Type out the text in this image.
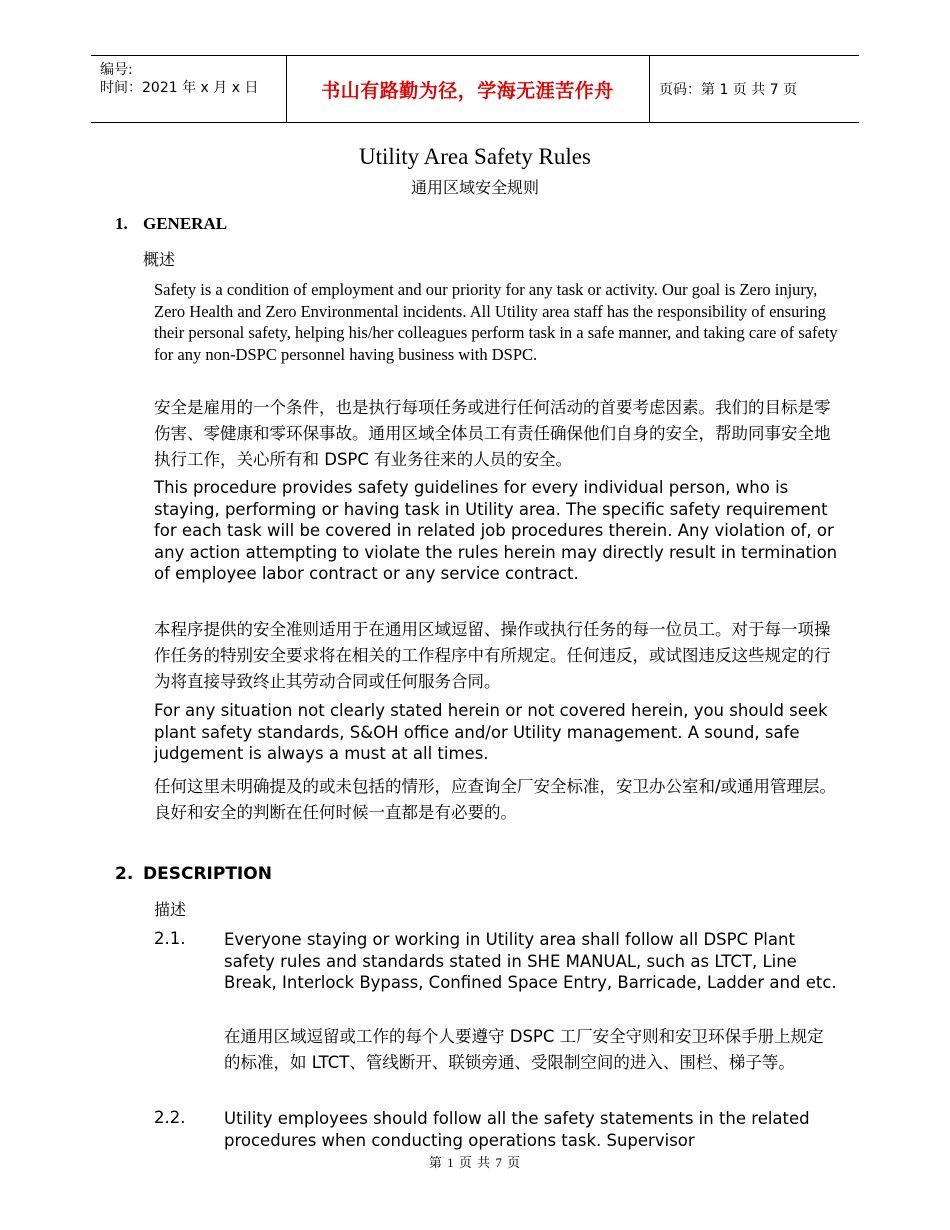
编号:
时间：2021 年 x 月 x 日	书山有路勤为径，学海无涯苦作舟	页码：第 1 页 共 7 页
Utility Area Safety Rules
通用区域安全规则
1. GENERAL
概述

Safety is a condition of employment and our priority for any task or activity. Our goal is Zero injury, Zero Health and Zero Environmental incidents. All Utility area staff has the responsibility of ensuring their personal safety, helping his/her colleagues perform task in a safe manner, and taking care of safety for any non-DSPC personnel having business with DSPC.

安全是雇用的一个条件，也是执行每项任务或进行任何活动的首要考虑因素。我们的目标是零伤害、零健康和零环保事故。通用区域全体员工有责任确保他们自身的安全，帮助同事安全地执行工作，关心所有和 DSPC 有业务往来的人员的安全。

This procedure provides safety guidelines for every individual person, who is staying, performing or having task in Utility area. The specific safety requirement for each task will be covered in related job procedures therein. Any violation of, or any action attempting to violate the rules herein may directly result in termination of employee labor contract or any service contract.

本程序提供的安全准则适用于在通用区域逗留、操作或执行任务的每一位员工。对于每一项操作任务的特别安全要求将在相关的工作程序中有所规定。任何违反，或试图违反这些规定的行为将直接导致终止其劳动合同或任何服务合同。

For any situation not clearly stated herein or not covered herein, you should seek plant safety standards, S&OH office and/or Utility management. A sound, safe judgement is always a must at all times.

任何这里未明确提及的或未包括的情形，应查询全厂安全标准，安卫办公室和/或通用管理层。良好和安全的判断在任何时候一直都是有必要的。

2. DESCRIPTION
描述
2.1. Everyone staying or working in Utility area shall follow all DSPC Plant safety rules and standards stated in SHE MANUAL, such as LTCT, Line Break, Interlock Bypass, Confined Space Entry, Barricade, Ladder and etc.

在通用区域逗留或工作的每个人要遵守 DSPC 工厂安全守则和安卫环保手册上规定的标准，如 LTCT、管线断开、联锁旁通、受限制空间的进入、围栏、梯子等。

2.2. Utility employees should follow all the safety statements in the related procedures when conducting operations task. Supervisor

第 1 页 共 7 页
